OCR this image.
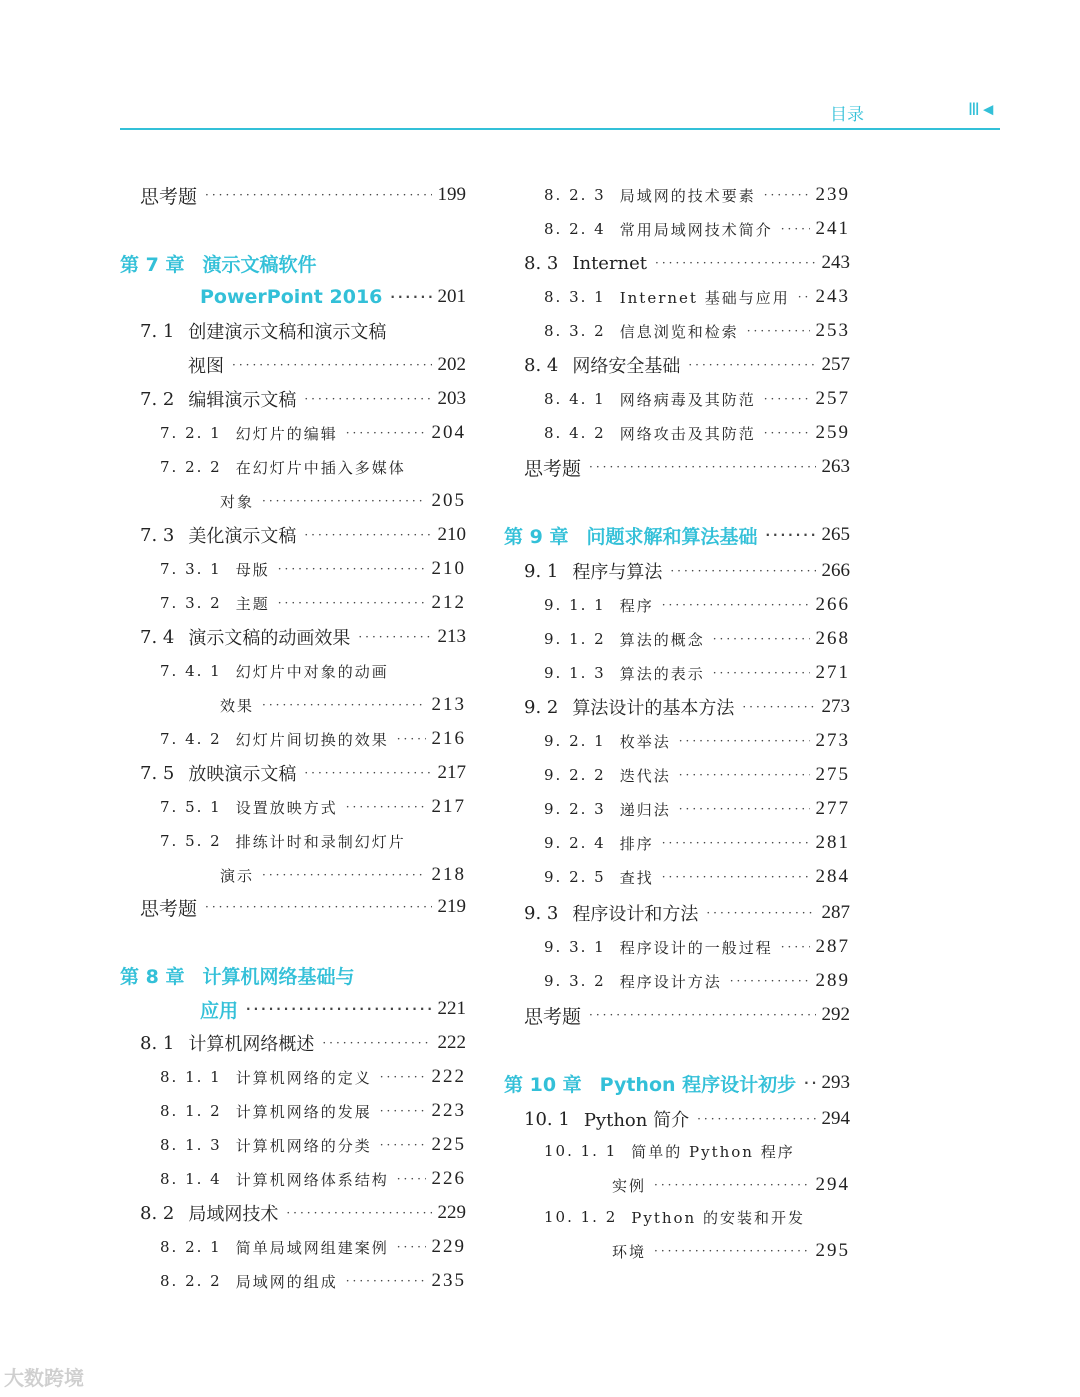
目录	Ⅲ◄
思考题 ·····	199
第 7 章 演示文稿软件
PowerPoint 2016 ·····	201
7. 1 创建演示文稿和演示文稿
视图 ·····	202
7. 2 编辑演示文稿 ·····	203
7. 2. 1 幻灯片的编辑 ·····	204
7. 2. 2 在幻灯片中插入多媒体
对象 ·····	205
7. 3 美化演示文稿 ·····	210
7. 3. 1 母版 ·····	210
7. 3. 2 主题 ·····	212
7. 4 演示文稿的动画效果 ·····	213
7. 4. 1 幻灯片中对象的动画
效果 ·····	213
7. 4. 2 幻灯片间切换的效果 ····· 216
7. 5 放映演示文稿 ·····	217
7. 5. 1 设置放映方式 ·····	217
7. 5. 2 排练计时和录制幻灯片
演示 ·····	218
思考题 ·····	219
第 8 章 计算机网络基础与
应用 ·····	221
8. 1 计算机网络概述 ·····	222
8. 1. 1 计算机网络的定义 ·····	222
8. 1. 2 计算机网络的发展 ·····	223
8. 1. 3 计算机网络的分类 ·····	225
8. 1. 4 计算机网络体系结构 ····· 226
8. 2 局域网技术 ·····	229
8. 2. 1 简单局域网组建案例 ····· 229
8. 2. 2 局域网的组成 ·····	235
8. 2. 3 局域网的技术要素 ·····	239
8. 2. 4 常用局域网技术简介 ····· 241
8. 3 Internet ·····	243
8. 3. 1 Internet 基础与应用 ····· 243
8. 3. 2 信息浏览和检索 ·····	253
8. 4 网络安全基础 ·····	257
8. 4. 1 网络病毒及其防范 ·····	257
8. 4. 2 网络攻击及其防范 ·····	259
思考题 ·····	263
第 9 章 问题求解和算法基础 ·····	265
9. 1 程序与算法 ·····	266
9. 1. 1 程序 ·····	266
9. 1. 2 算法的概念 ·····	268
9. 1. 3 算法的表示 ·····	271
9. 2 算法设计的基本方法 ·····	273
9. 2. 1 枚举法 ·····	273
9. 2. 2 迭代法 ·····	275
9. 2. 3 递归法 ·····	277
9. 2. 4 排序 ·····	281
9. 2. 5 查找 ·····	284
9. 3 程序设计和方法 ·····	287
9. 3. 1 程序设计的一般过程 ····· 287
9. 3. 2 程序设计方法 ·····	289
思考题 ·····	292
第 10 章 Python 程序设计初步 ····· 293
10. 1 Python 简介 ·····	294
10. 1. 1 简单的 Python 程序
实例 ·····	294
10. 1. 2 Python 的安装和开发
环境 ·····	295
大数跨境
